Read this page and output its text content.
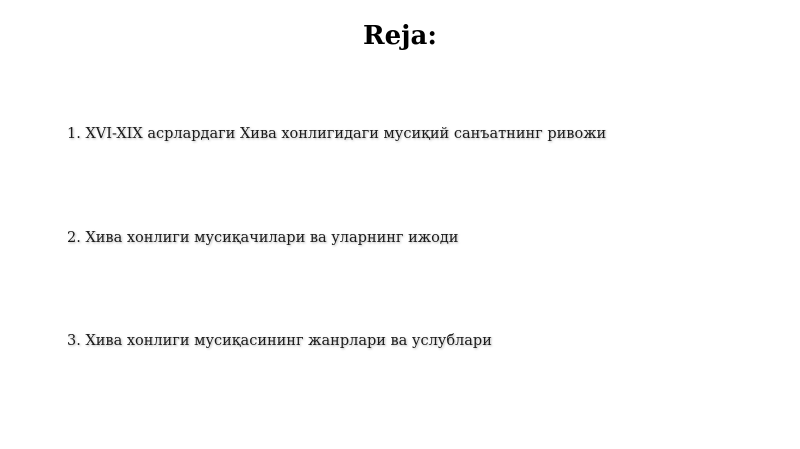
Reja:

1. XVI-XIX асрлардаги Хива хонлигидаги мусиқий санъатнинг ривожи

2. Хива хонлиги мусиқачилари ва уларнинг ижоди

3. Хива хонлиги мусиқасининг жанрлари ва услублари
